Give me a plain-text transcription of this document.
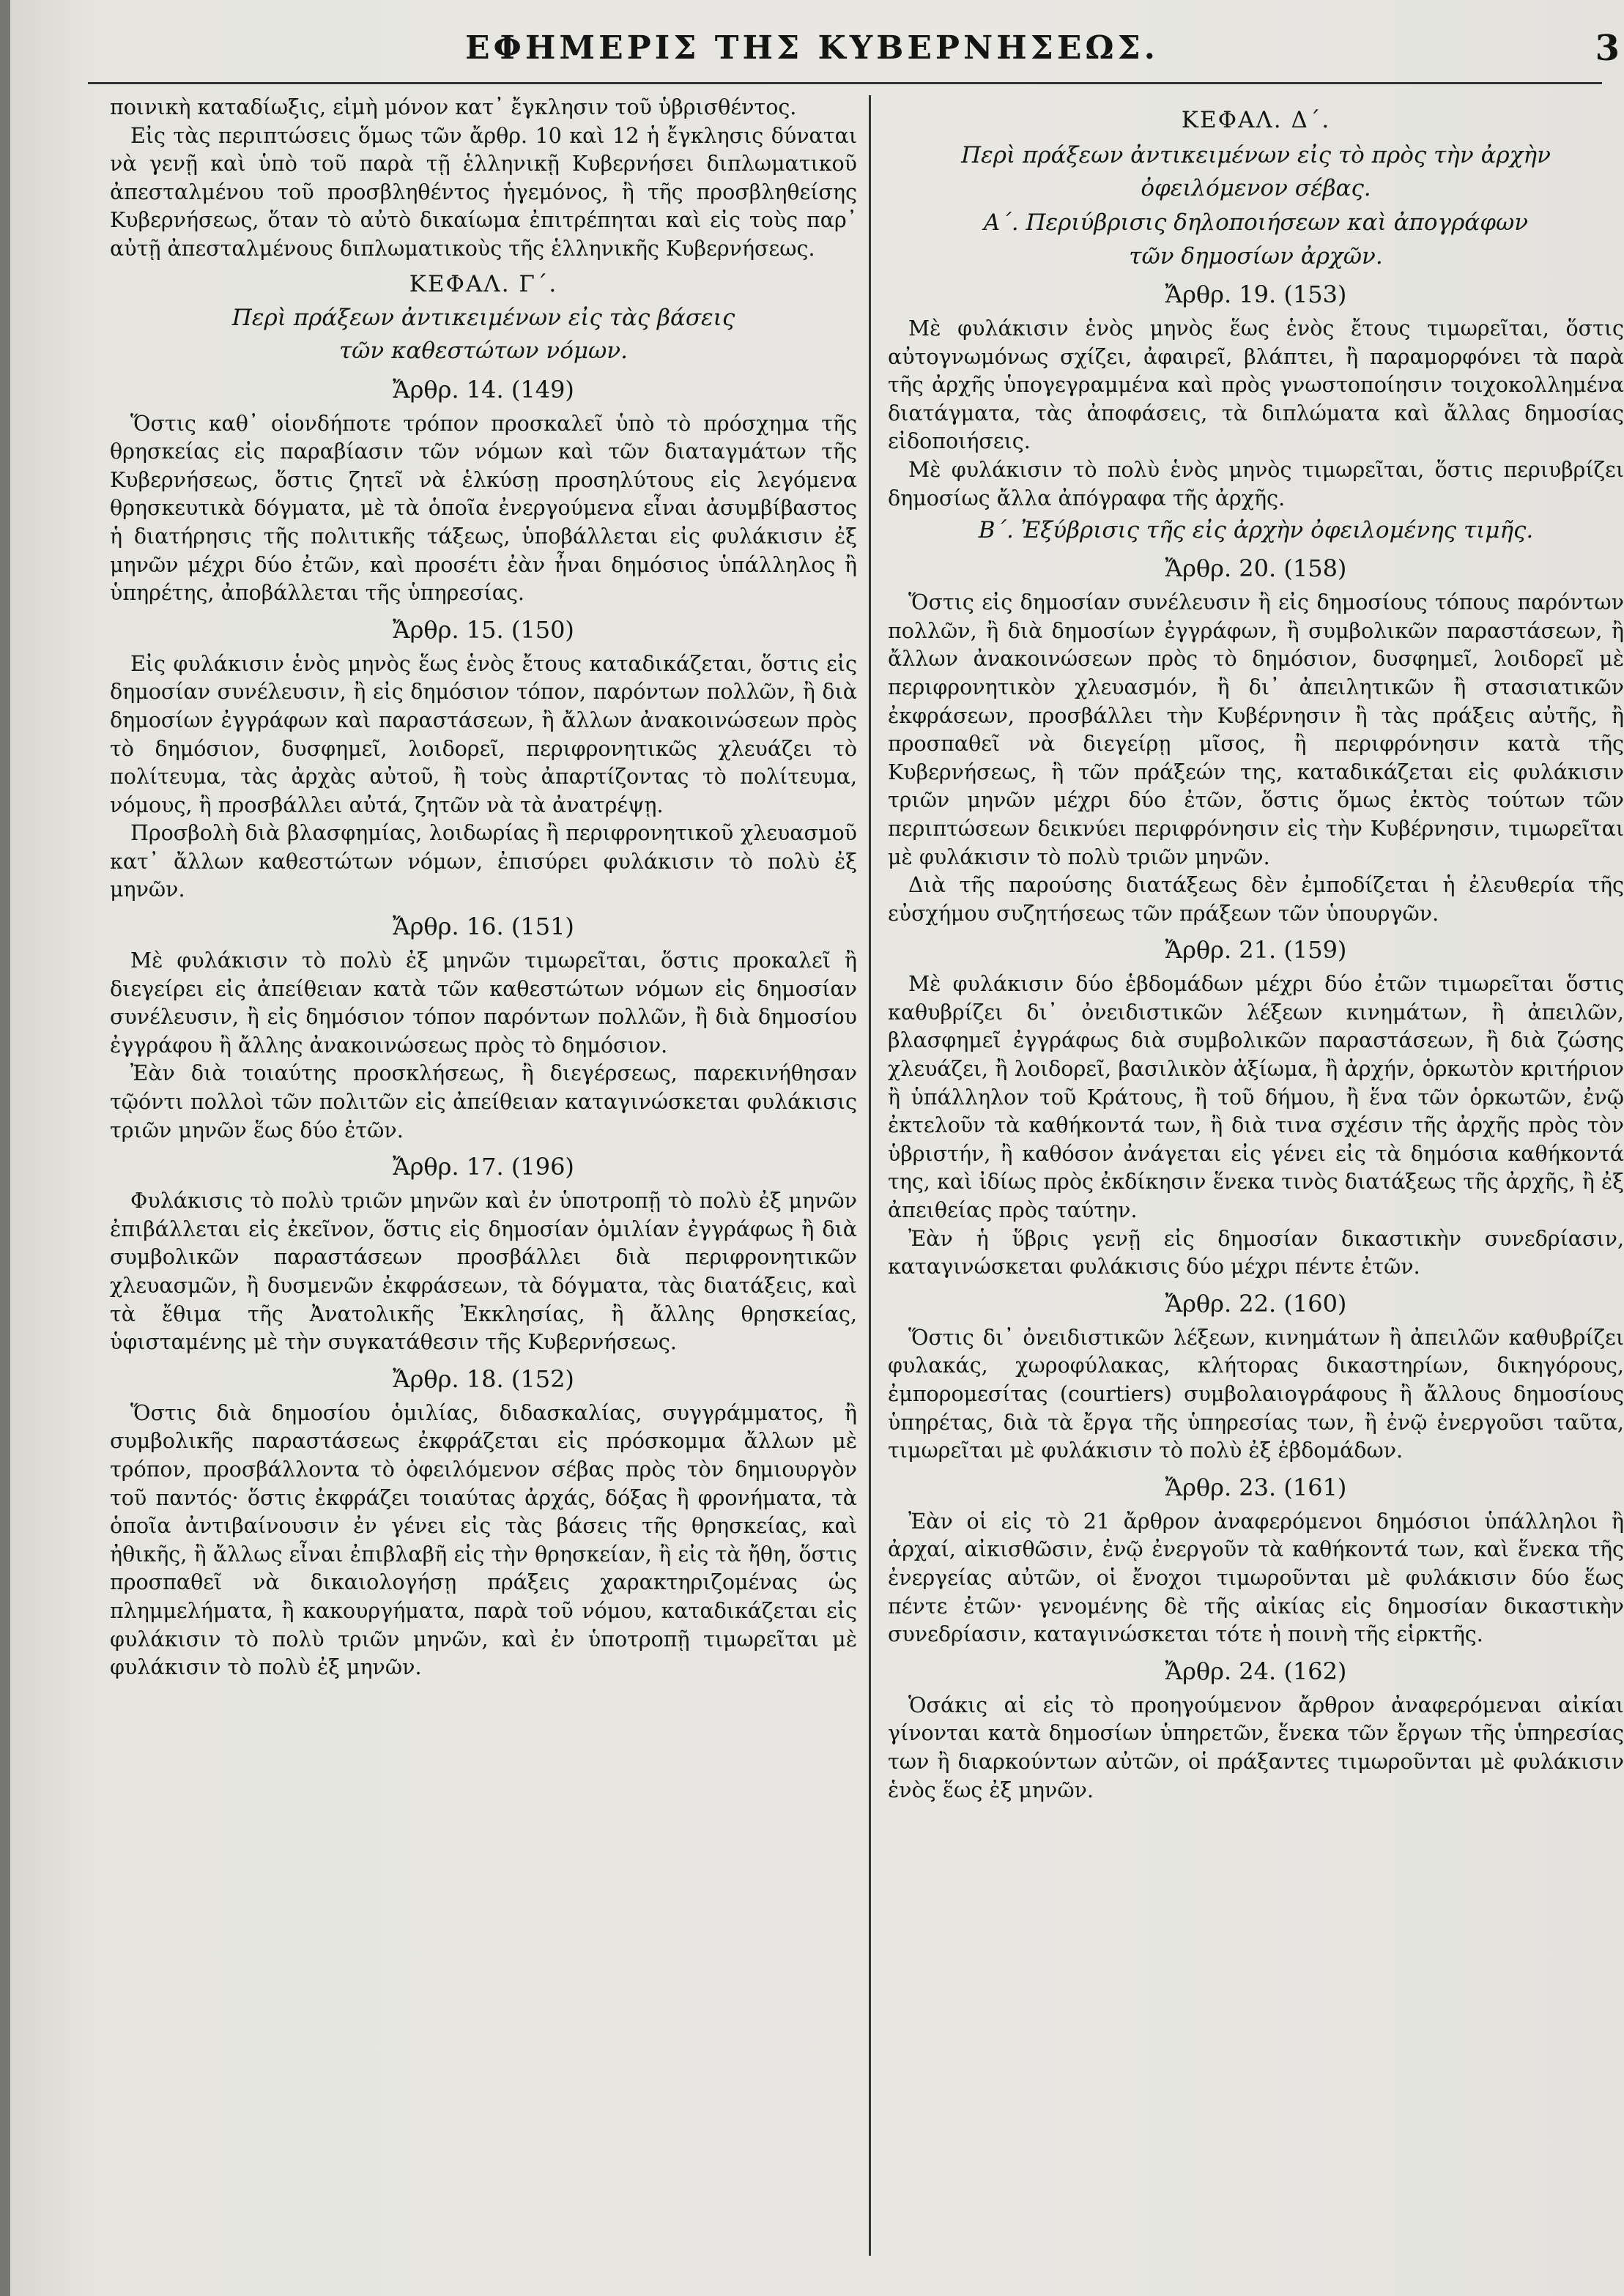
ΕΦΗΜΕΡΙΣ ΤΗΣ ΚΥΒΕΡΝΗΣΕΩΣ.	3

ποινικὴ καταδίωξις, εἰμὴ μόνον κατ᾽ ἔγκλησιν τοῦ ὑβρισθέντος.

Εἰς τὰς περιπτώσεις ὅμως τῶν ἄρθρ. 10 καὶ 12 ἡ ἔγκλησις δύναται νὰ γενῇ καὶ ὑπὸ τοῦ παρὰ τῇ ἑλληνικῇ Κυβερνήσει διπλωματικοῦ ἀπεσταλμένου τοῦ προσβληθέντος ἡγεμόνος, ἢ τῆς προσβληθείσης Κυβερνήσεως, ὅταν τὸ αὐτὸ δικαίωμα ἐπιτρέπηται καὶ εἰς τοὺς παρ᾽ αὐτῇ ἀπεσταλμένους διπλωματικοὺς τῆς ἑλληνικῆς Κυβερνήσεως.

ΚΕΦΑΛ. Γ΄.
Περὶ πράξεων ἀντικειμένων εἰς τὰς βάσεις
τῶν καθεστώτων νόμων.
Ἄρθρ. 14. (149)

Ὅστις καθ᾽ οἱονδήποτε τρόπον προσκαλεῖ ὑπὸ τὸ πρόσχημα τῆς θρησκείας εἰς παραβίασιν τῶν νόμων καὶ τῶν διαταγμάτων τῆς Κυβερνήσεως, ὅστις ζητεῖ νὰ ἑλκύσῃ προσηλύτους εἰς λεγόμενα θρησκευτικὰ δόγματα, μὲ τὰ ὁποῖα ἐνεργούμενα εἶναι ἀσυμβίβαστος ἡ διατήρησις τῆς πολιτικῆς τάξεως, ὑποβάλλεται εἰς φυλάκισιν ἐξ μηνῶν μέχρι δύο ἐτῶν, καὶ προσέτι ἐὰν ἦναι δημόσιος ὑπάλληλος ἢ ὑπηρέτης, ἀποβάλλεται τῆς ὑπηρεσίας.

Ἄρθρ. 15. (150)

Εἰς φυλάκισιν ἑνὸς μηνὸς ἕως ἑνὸς ἔτους καταδικάζεται, ὅστις εἰς δημοσίαν συνέλευσιν, ἢ εἰς δημόσιον τόπον, παρόντων πολλῶν, ἢ διὰ δημοσίων ἐγγράφων καὶ παραστάσεων, ἢ ἄλλων ἀνακοινώσεων πρὸς τὸ δημόσιον, δυσφημεῖ, λοιδορεῖ, περιφρονητικῶς χλευάζει τὸ πολίτευμα, τὰς ἀρχὰς αὐτοῦ, ἢ τοὺς ἀπαρτίζοντας τὸ πολίτευμα, νόμους, ἢ προσβάλλει αὐτά, ζητῶν νὰ τὰ ἀνατρέψῃ.

Προσβολὴ διὰ βλασφημίας, λοιδωρίας ἢ περιφρονητικοῦ χλευασμοῦ κατ᾽ ἄλλων καθεστώτων νόμων, ἐπισύρει φυλάκισιν τὸ πολὺ ἐξ μηνῶν.

Ἄρθρ. 16. (151)

Μὲ φυλάκισιν τὸ πολὺ ἐξ μηνῶν τιμωρεῖται, ὅστις προκαλεῖ ἢ διεγείρει εἰς ἀπείθειαν κατὰ τῶν καθεστώτων νόμων εἰς δημοσίαν συνέλευσιν, ἢ εἰς δημόσιον τόπον παρόντων πολλῶν, ἢ διὰ δημοσίου ἐγγράφου ἢ ἄλλης ἀνακοινώσεως πρὸς τὸ δημόσιον.

Ἐὰν διὰ τοιαύτης προσκλήσεως, ἢ διεγέρσεως, παρεκινήθησαν τῷόντι πολλοὶ τῶν πολιτῶν εἰς ἀπείθειαν καταγινώσκεται φυλάκισις τριῶν μηνῶν ἕως δύο ἐτῶν.

Ἄρθρ. 17. (196)

Φυλάκισις τὸ πολὺ τριῶν μηνῶν καὶ ἐν ὑποτροπῇ τὸ πολὺ ἐξ μηνῶν ἐπιβάλλεται εἰς ἐκεῖνον, ὅστις εἰς δημοσίαν ὁμιλίαν ἐγγράφως ἢ διὰ συμβολικῶν παραστάσεων προσβάλλει διὰ περιφρονητικῶν χλευασμῶν, ἢ δυσμενῶν ἐκφράσεων, τὰ δόγματα, τὰς διατάξεις, καὶ τὰ ἔθιμα τῆς Ἀνατολικῆς Ἐκκλησίας, ἢ ἄλλης θρησκείας, ὑφισταμένης μὲ τὴν συγκατάθεσιν τῆς Κυβερνήσεως.

Ἄρθρ. 18. (152)

Ὅστις διὰ δημοσίου ὁμιλίας, διδασκαλίας, συγγράμματος, ἢ συμβολικῆς παραστάσεως ἐκφράζεται εἰς πρόσκομμα ἄλλων μὲ τρόπον, προσβάλλοντα τὸ ὀφειλόμενον σέβας πρὸς τὸν δημιουργὸν τοῦ παντός· ὅστις ἐκφράζει τοιαύτας ἀρχάς, δόξας ἢ φρονήματα, τὰ ὁποῖα ἀντιβαίνουσιν ἐν γένει εἰς τὰς βάσεις τῆς θρησκείας, καὶ ἠθικῆς, ἢ ἄλλως εἶναι ἐπιβλαβῆ εἰς τὴν θρησκείαν, ἢ εἰς τὰ ἤθη, ὅστις προσπαθεῖ νὰ δικαιολογήσῃ πράξεις χαρακτηριζομένας ὡς πλημμελήματα, ἢ κακουργήματα, παρὰ τοῦ νόμου, καταδικάζεται εἰς φυλάκισιν τὸ πολὺ τριῶν μηνῶν, καὶ ἐν ὑποτροπῇ τιμωρεῖται μὲ φυλάκισιν τὸ πολὺ ἐξ μηνῶν.

ΚΕΦΑΛ. Δ΄.
Περὶ πράξεων ἀντικειμένων εἰς τὸ πρὸς τὴν ἀρχὴν
ὀφειλόμενον σέβας.
Α΄. Περιύβρισις δηλοποιήσεων καὶ ἀπογράφων
τῶν δημοσίων ἀρχῶν.
Ἄρθρ. 19. (153)

Μὲ φυλάκισιν ἑνὸς μηνὸς ἕως ἑνὸς ἔτους τιμωρεῖται, ὅστις αὐτογνωμόνως σχίζει, ἀφαιρεῖ, βλάπτει, ἢ παραμορφόνει τὰ παρὰ τῆς ἀρχῆς ὑπογεγραμμένα καὶ πρὸς γνωστοποίησιν τοιχοκολλημένα διατάγματα, τὰς ἀποφάσεις, τὰ διπλώματα καὶ ἄλλας δημοσίας εἰδοποιήσεις.

Μὲ φυλάκισιν τὸ πολὺ ἑνὸς μηνὸς τιμωρεῖται, ὅστις περιυβρίζει δημοσίως ἄλλα ἀπόγραφα τῆς ἀρχῆς.

Β΄. Ἐξύβρισις τῆς εἰς ἀρχὴν ὀφειλομένης τιμῆς.
Ἄρθρ. 20. (158)

Ὅστις εἰς δημοσίαν συνέλευσιν ἢ εἰς δημοσίους τόπους παρόντων πολλῶν, ἢ διὰ δημοσίων ἐγγράφων, ἢ συμβολικῶν παραστάσεων, ἢ ἄλλων ἀνακοινώσεων πρὸς τὸ δημόσιον, δυσφημεῖ, λοιδορεῖ μὲ περιφρονητικὸν χλευασμόν, ἢ δι᾽ ἀπειλητικῶν ἢ στασιατικῶν ἐκφράσεων, προσβάλλει τὴν Κυβέρνησιν ἢ τὰς πράξεις αὐτῆς, ἢ προσπαθεῖ νὰ διεγείρῃ μῖσος, ἢ περιφρόνησιν κατὰ τῆς Κυβερνήσεως, ἢ τῶν πράξεών της, καταδικάζεται εἰς φυλάκισιν τριῶν μηνῶν μέχρι δύο ἐτῶν, ὅστις ὅμως ἐκτὸς τούτων τῶν περιπτώσεων δεικνύει περιφρόνησιν εἰς τὴν Κυβέρνησιν, τιμωρεῖται μὲ φυλάκισιν τὸ πολὺ τριῶν μηνῶν.

Διὰ τῆς παρούσης διατάξεως δὲν ἐμποδίζεται ἡ ἐλευθερία τῆς εὐσχήμου συζητήσεως τῶν πράξεων τῶν ὑπουργῶν.

Ἄρθρ. 21. (159)

Μὲ φυλάκισιν δύο ἑβδομάδων μέχρι δύο ἐτῶν τιμωρεῖται ὅστις καθυβρίζει δι᾽ ὀνειδιστικῶν λέξεων κινημάτων, ἢ ἀπειλῶν, βλασφημεῖ ἐγγράφως διὰ συμβολικῶν παραστάσεων, ἢ διὰ ζώσης χλευάζει, ἢ λοιδορεῖ, βασιλικὸν ἀξίωμα, ἢ ἀρχήν, ὁρκωτὸν κριτήριον ἢ ὑπάλληλον τοῦ Κράτους, ἢ τοῦ δήμου, ἢ ἕνα τῶν ὁρκωτῶν, ἐνῷ ἐκτελοῦν τὰ καθήκοντά των, ἢ διὰ τινα σχέσιν τῆς ἀρχῆς πρὸς τὸν ὑβριστήν, ἢ καθόσον ἀνάγεται εἰς γένει εἰς τὰ δημόσια καθήκοντά της, καὶ ἰδίως πρὸς ἐκδίκησιν ἕνεκα τινὸς διατάξεως τῆς ἀρχῆς, ἢ ἐξ ἀπειθείας πρὸς ταύτην.

Ἐὰν ἡ ὕβρις γενῇ εἰς δημοσίαν δικαστικὴν συνεδρίασιν, καταγινώσκεται φυλάκισις δύο μέχρι πέντε ἐτῶν.

Ἄρθρ. 22. (160)

Ὅστις δι᾽ ὀνειδιστικῶν λέξεων, κινημάτων ἢ ἀπειλῶν καθυβρίζει φυλακάς, χωροφύλακας, κλήτορας δικαστηρίων, δικηγόρους, ἐμπορομεσίτας (courtiers) συμβολαιογράφους ἢ ἄλλους δημοσίους ὑπηρέτας, διὰ τὰ ἔργα τῆς ὑπηρεσίας των, ἢ ἐνῷ ἐνεργοῦσι ταῦτα, τιμωρεῖται μὲ φυλάκισιν τὸ πολὺ ἐξ ἑβδομάδων.

Ἄρθρ. 23. (161)

Ἐὰν οἱ εἰς τὸ 21 ἄρθρον ἀναφερόμενοι δημόσιοι ὑπάλληλοι ἢ ἀρχαί, αἰκισθῶσιν, ἐνῷ ἐνεργοῦν τὰ καθήκοντά των, καὶ ἕνεκα τῆς ἐνεργείας αὐτῶν, οἱ ἔνοχοι τιμωροῦνται μὲ φυλάκισιν δύο ἕως πέντε ἐτῶν· γενομένης δὲ τῆς αἰκίας εἰς δημοσίαν δικαστικὴν συνεδρίασιν, καταγινώσκεται τότε ἡ ποινὴ τῆς εἱρκτῆς.

Ἄρθρ. 24. (162)

Ὁσάκις αἱ εἰς τὸ προηγούμενον ἄρθρον ἀναφερόμεναι αἰκίαι γίνονται κατὰ δημοσίων ὑπηρετῶν, ἕνεκα τῶν ἔργων τῆς ὑπηρεσίας των ἢ διαρκούντων αὐτῶν, οἱ πράξαντες τιμωροῦνται μὲ φυλάκισιν ἑνὸς ἕως ἐξ μηνῶν.
